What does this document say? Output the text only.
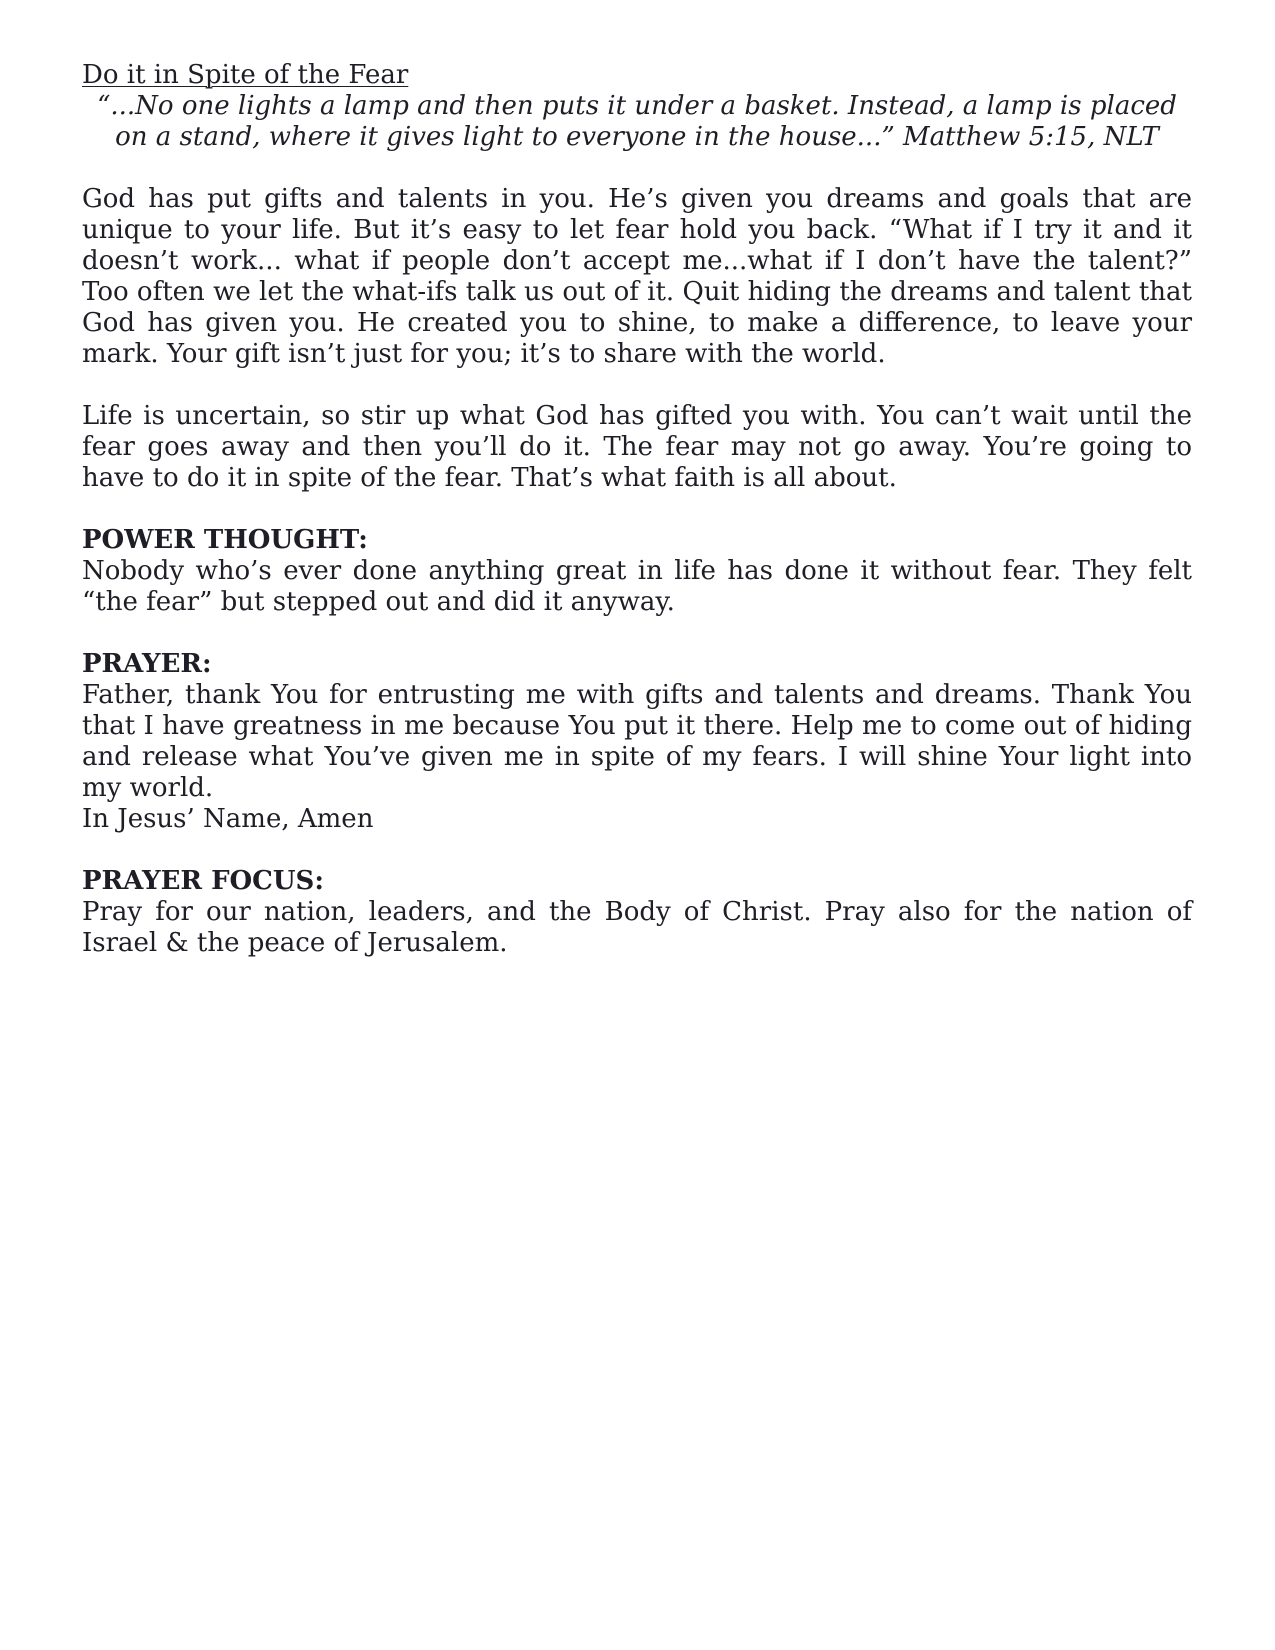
Do it in Spite of the Fear

“...No one lights a lamp and then puts it under a basket. Instead, a lamp is placed on a stand, where it gives light to everyone in the house...” Matthew 5:15, NLT

God has put gifts and talents in you. He’s given you dreams and goals that are unique to your life. But it’s easy to let fear hold you back. “What if I try it and it doesn’t work... what if people don’t accept me...what if I don’t have the talent?” Too often we let the what-ifs talk us out of it. Quit hiding the dreams and talent that God has given you. He created you to shine, to make a difference, to leave your mark. Your gift isn’t just for you; it’s to share with the world.

Life is uncertain, so stir up what God has gifted you with. You can’t wait until the fear goes away and then you’ll do it. The fear may not go away. You’re going to have to do it in spite of the fear. That’s what faith is all about.

POWER THOUGHT:

Nobody who’s ever done anything great in life has done it without fear. They felt “the fear” but stepped out and did it anyway.

PRAYER:

Father, thank You for entrusting me with gifts and talents and dreams. Thank You that I have greatness in me because You put it there. Help me to come out of hiding and release what You’ve given me in spite of my fears. I will shine Your light into my world.
In Jesus’ Name, Amen

PRAYER FOCUS:

Pray for our nation, leaders, and the Body of Christ. Pray also for the nation of Israel & the peace of Jerusalem.
